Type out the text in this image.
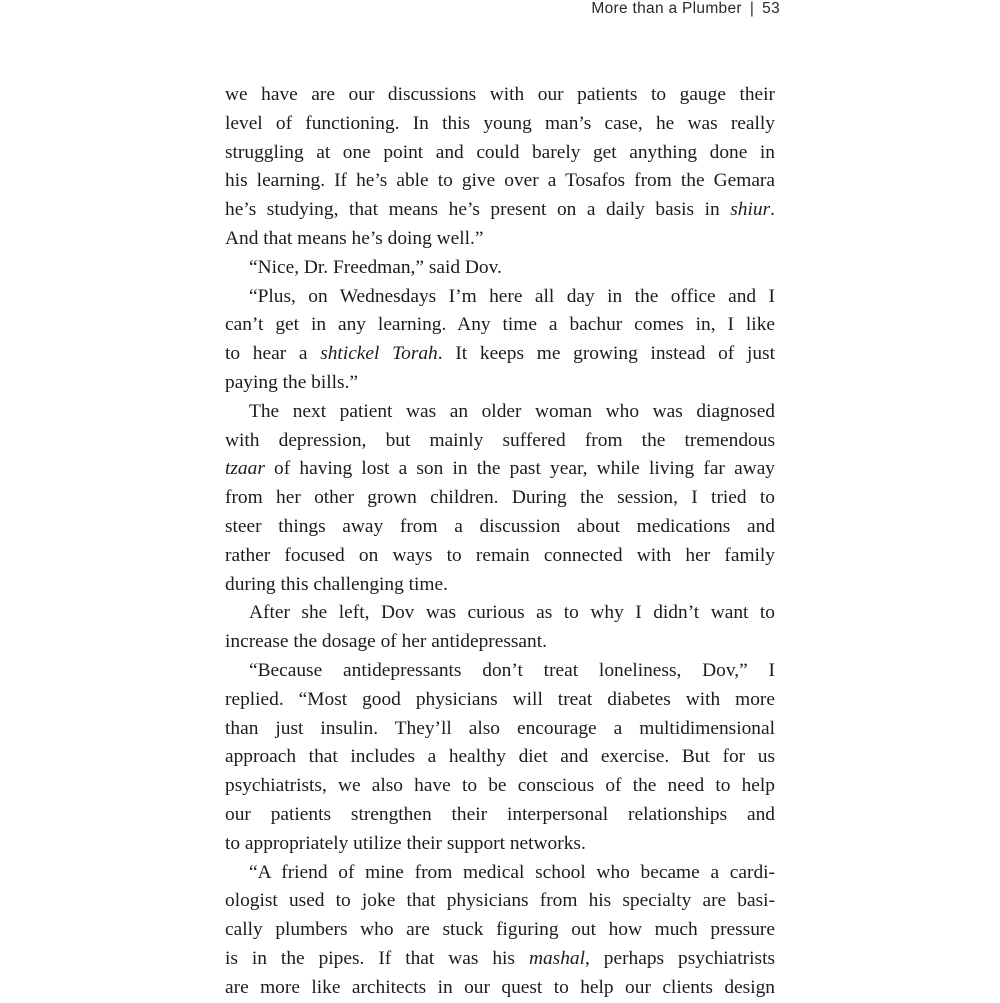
More than a Plumber | 53
we have are our discussions with our patients to gauge their
level of functioning. In this young man’s case, he was really
struggling at one point and could barely get anything done in
his learning. If he’s able to give over a Tosafos from the Gemara
he’s studying, that means he’s present on a daily basis in shiur.
And that means he’s doing well.”
“Nice, Dr. Freedman,” said Dov.
“Plus, on Wednesdays I’m here all day in the office and I
can’t get in any learning. Any time a bachur comes in, I like
to hear a shtickel Torah. It keeps me growing instead of just
paying the bills.”
The next patient was an older woman who was diagnosed
with depression, but mainly suffered from the tremendous
tzaar of having lost a son in the past year, while living far away
from her other grown children. During the session, I tried to
steer things away from a discussion about medications and
rather focused on ways to remain connected with her family
during this challenging time.
After she left, Dov was curious as to why I didn’t want to
increase the dosage of her antidepressant.
“Because antidepressants don’t treat loneliness, Dov,” I
replied. “Most good physicians will treat diabetes with more
than just insulin. They’ll also encourage a multidimensional
approach that includes a healthy diet and exercise. But for us
psychiatrists, we also have to be conscious of the need to help
our patients strengthen their interpersonal relationships and
to appropriately utilize their support networks.
“A friend of mine from medical school who became a cardi-
ologist used to joke that physicians from his specialty are basi-
cally plumbers who are stuck figuring out how much pressure
is in the pipes. If that was his mashal, perhaps psychiatrists
are more like architects in our quest to help our clients design
